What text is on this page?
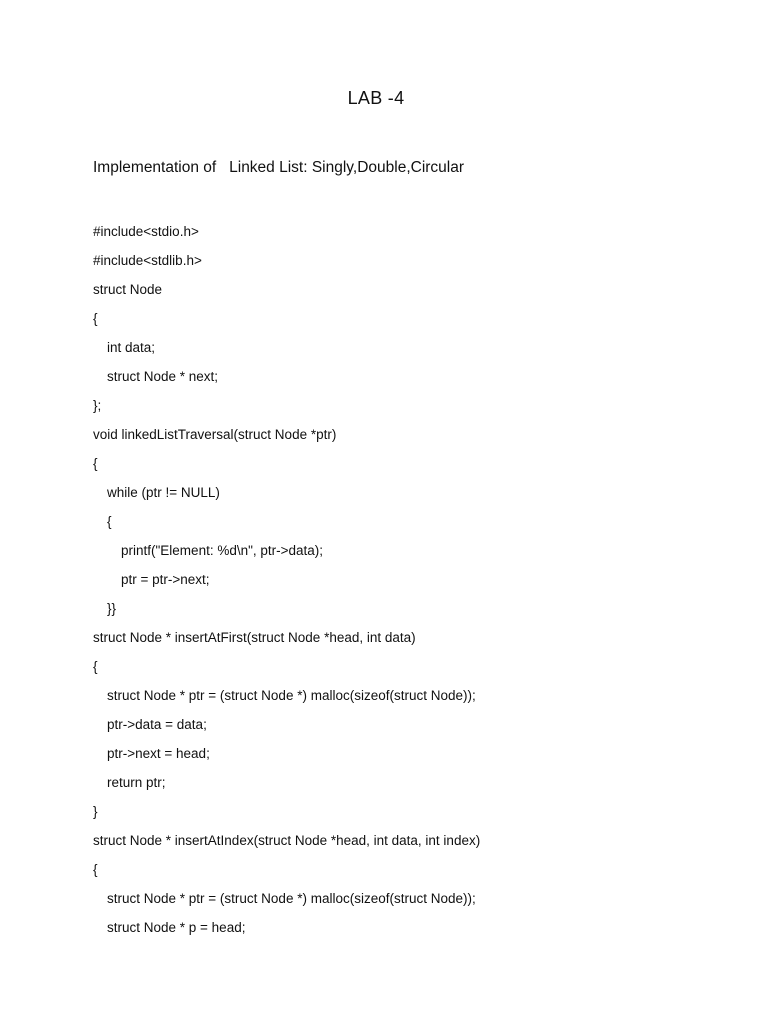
LAB -4
Implementation of   Linked List: Singly,Double,Circular
#include<stdio.h>
#include<stdlib.h>
struct Node
{
int data;
struct Node * next;
};
void linkedListTraversal(struct Node *ptr)
{
while (ptr != NULL)
{
printf("Element: %d\n", ptr->data);
ptr = ptr->next;
}}
struct Node * insertAtFirst(struct Node *head, int data)
{
struct Node * ptr = (struct Node *) malloc(sizeof(struct Node));
ptr->data = data;
ptr->next = head;
return ptr;
}
struct Node * insertAtIndex(struct Node *head, int data, int index)
{
struct Node * ptr = (struct Node *) malloc(sizeof(struct Node));
struct Node * p = head;
